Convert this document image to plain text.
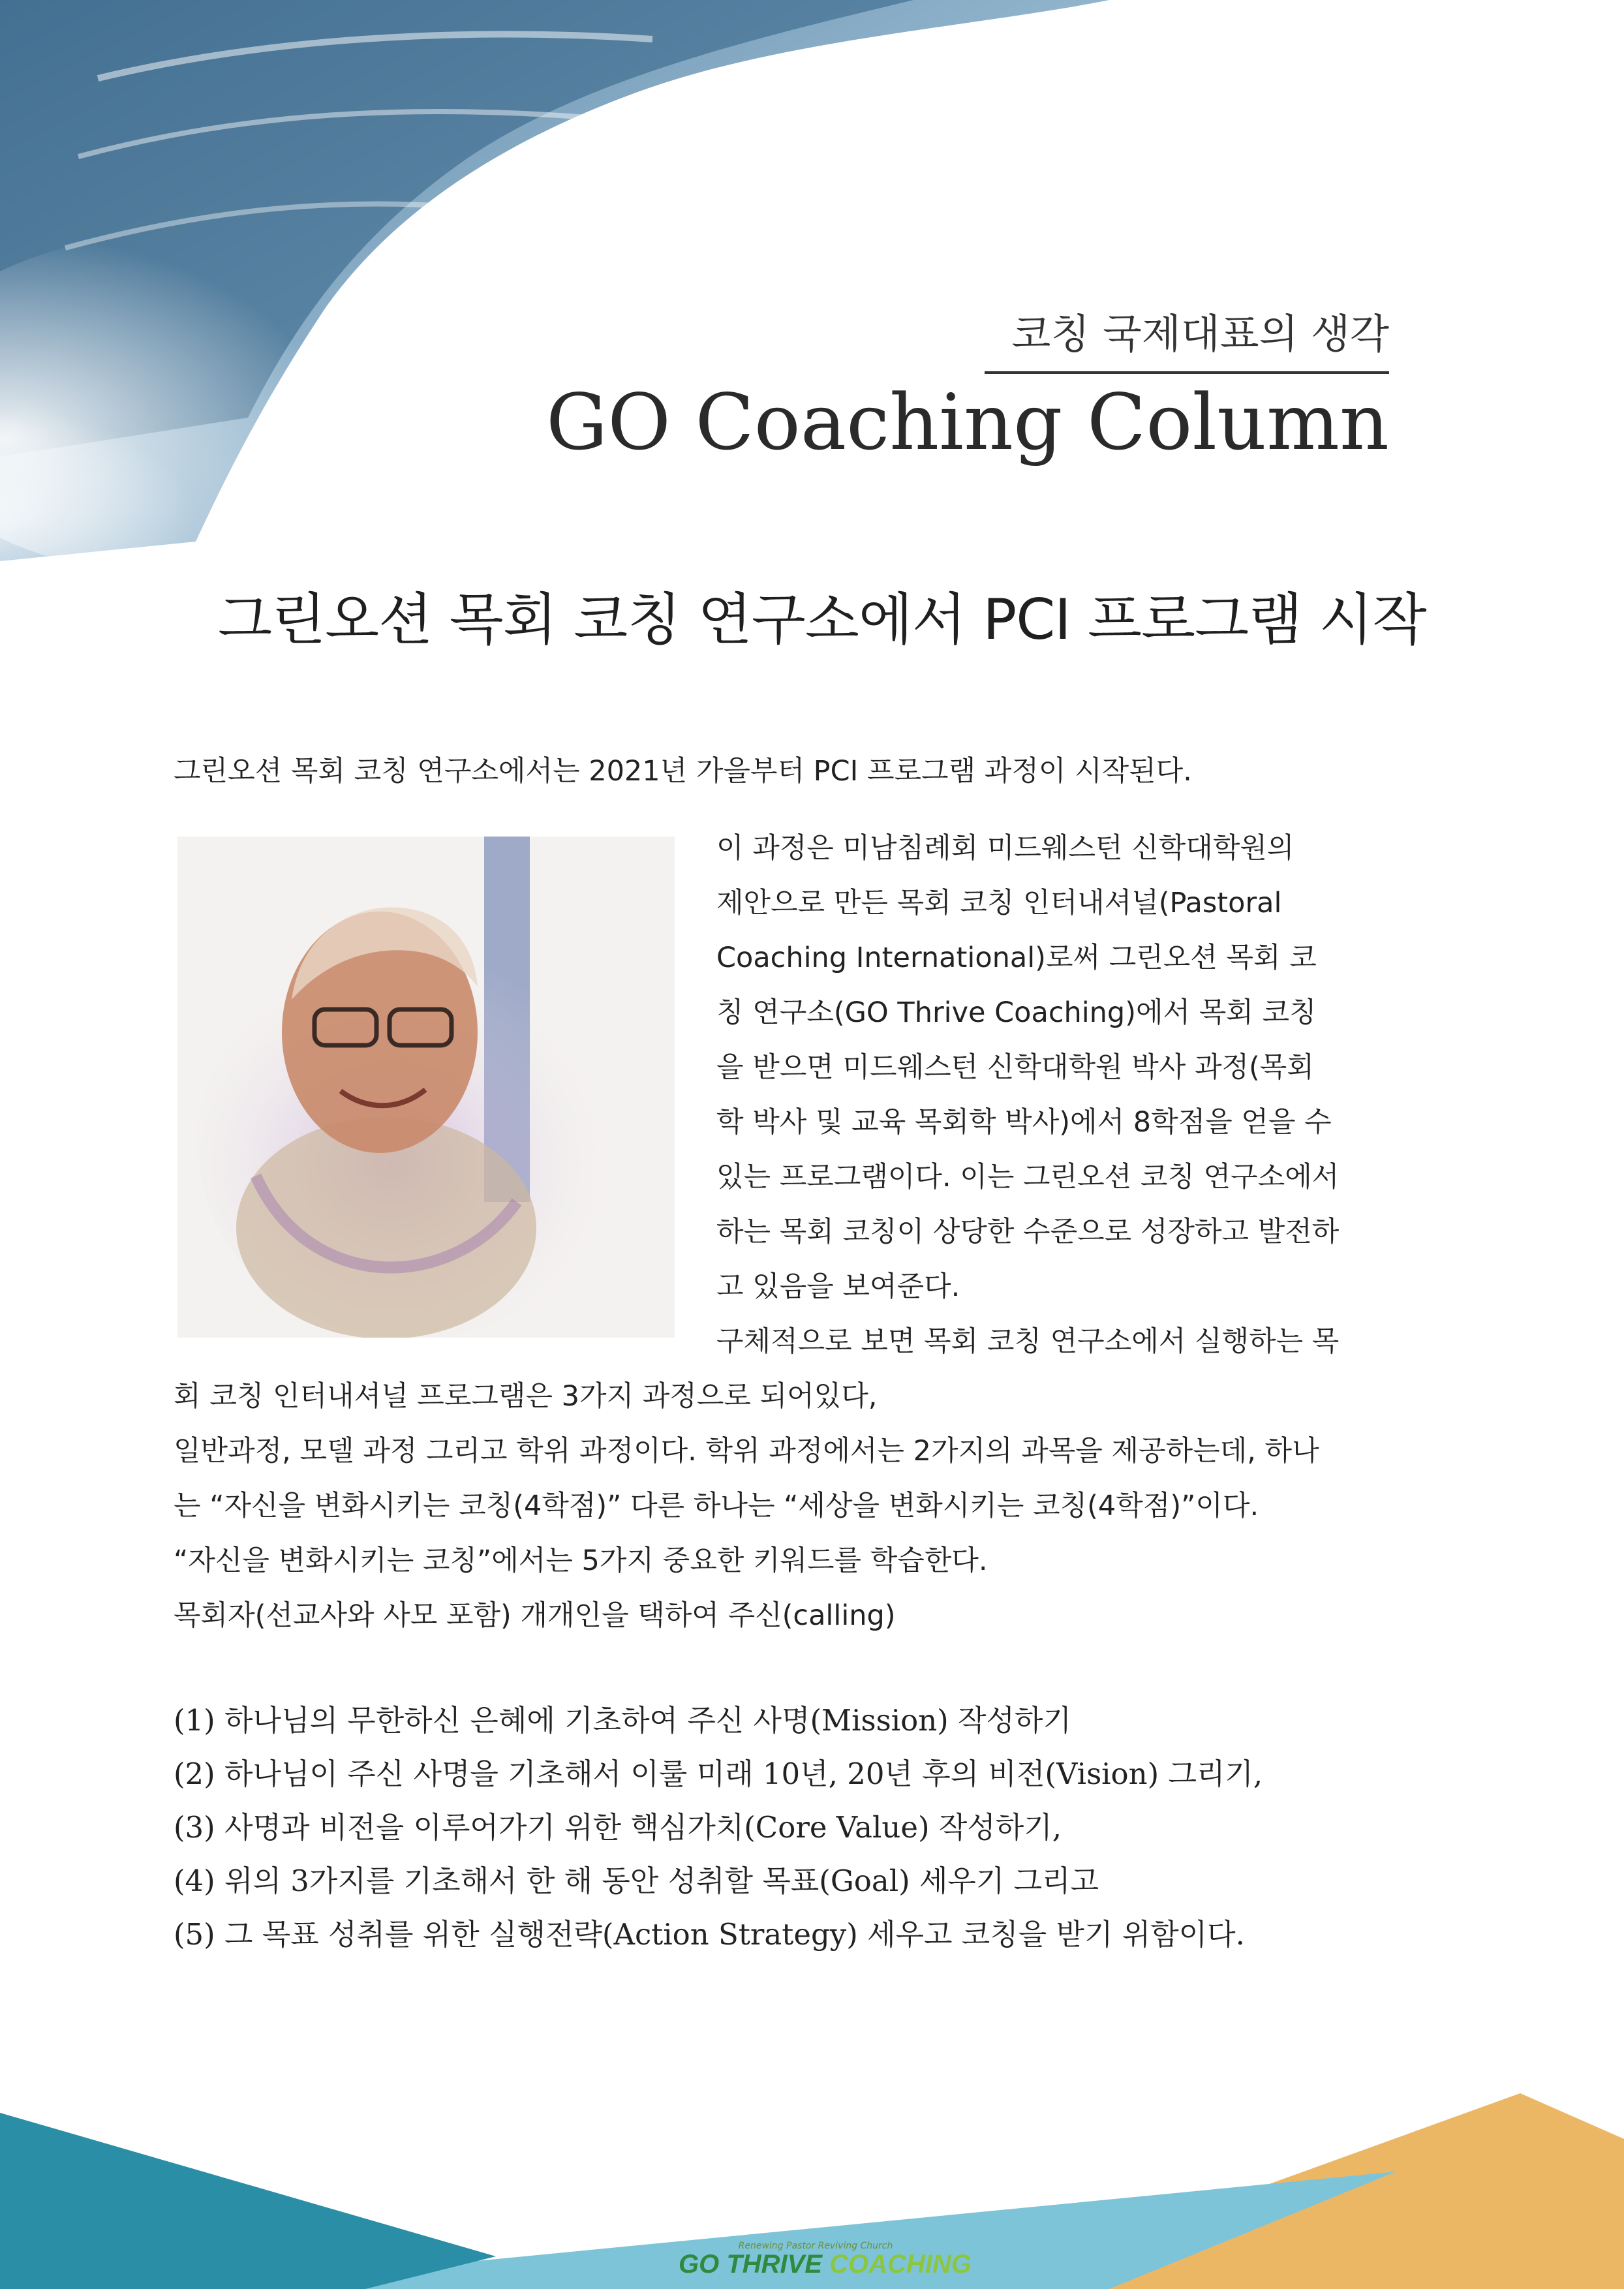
코칭 국제대표의 생각
GO Coaching Column
그린오션 목회 코칭 연구소에서 PCI 프로그램 시작
그린오션 목회 코칭 연구소에서는 2021년 가을부터 PCI 프로그램 과정이 시작된다.
이 과정은 미남침례회 미드웨스턴 신학대학원의
제안으로 만든 목회 코칭 인터내셔널(Pastoral
Coaching International)로써 그린오션 목회 코
칭 연구소(GO Thrive Coaching)에서 목회 코칭
을 받으면 미드웨스턴 신학대학원 박사 과정(목회
학 박사 및 교육 목회학 박사)에서 8학점을 얻을 수
있는 프로그램이다. 이는 그린오션 코칭 연구소에서
하는 목회 코칭이 상당한 수준으로 성장하고 발전하
고 있음을 보여준다.
구체적으로 보면 목회 코칭 연구소에서 실행하는 목
회 코칭 인터내셔널 프로그램은 3가지 과정으로 되어있다,
일반과정, 모델 과정 그리고 학위 과정이다. 학위 과정에서는 2가지의 과목을 제공하는데, 하나
는 “자신을 변화시키는 코칭(4학점)” 다른 하나는 “세상을 변화시키는 코칭(4학점)”이다.
“자신을 변화시키는 코칭”에서는 5가지 중요한 키워드를 학습한다.
목회자(선교사와 사모 포함) 개개인을 택하여 주신(calling)
(1) 하나님의 무한하신 은혜에 기초하여 주신 사명(Mission) 작성하기
(2) 하나님이 주신 사명을 기초해서 이룰 미래 10년, 20년 후의 비전(Vision) 그리기,
(3) 사명과 비전을 이루어가기 위한 핵심가치(Core Value) 작성하기,
(4) 위의 3가지를 기초해서 한 해 동안 성취할 목표(Goal) 세우기 그리고
(5) 그 목표 성취를 위한 실행전략(Action Strategy) 세우고 코칭을 받기 위함이다.
4
Renewing Pastor Reviving Church
GO THRIVE COACHING
